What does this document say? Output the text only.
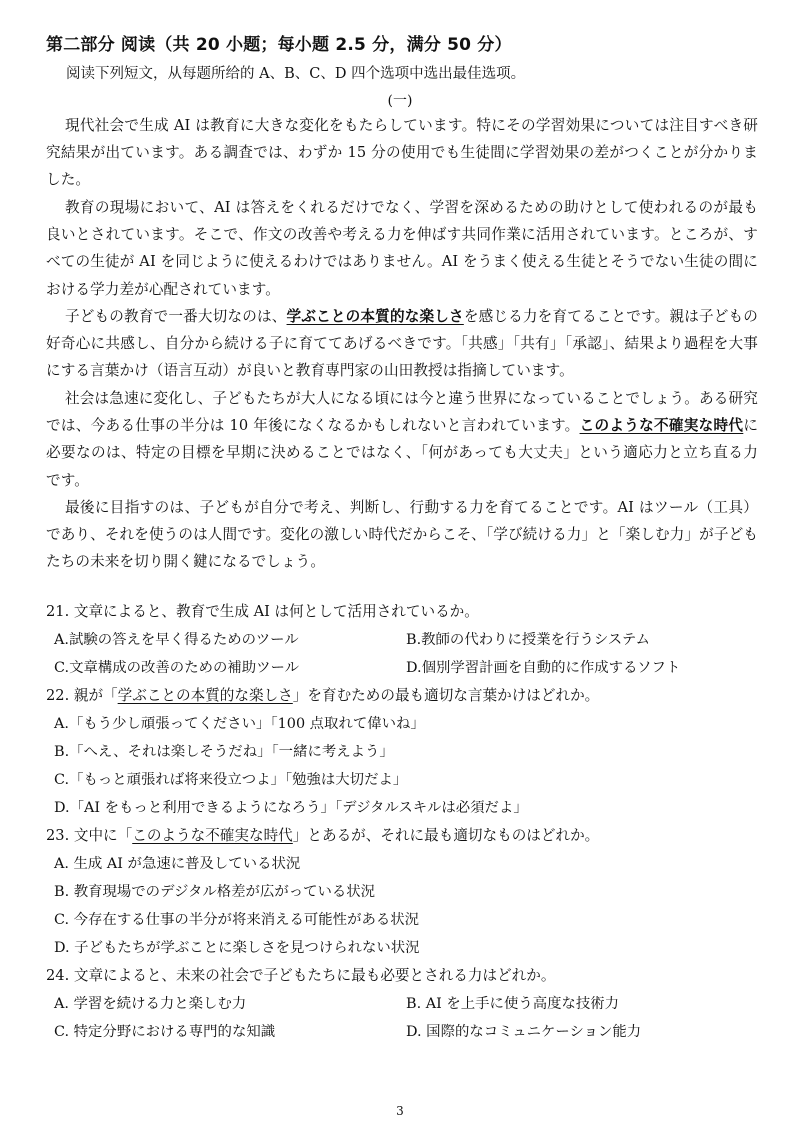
第二部分 阅读（共 20 小题；每小题 2.5 分，满分 50 分）
阅读下列短文，从每题所给的 A、B、C、D 四个选项中选出最佳选项。
(一)

現代社会で生成 AI は教育に大きな変化をもたらしています。特にその学習効果については注目すべき研究結果が出ています。ある調査では、わずか 15 分の使用でも生徒間に学習効果の差がつくことが分かりました。

教育の現場において、AI は答えをくれるだけでなく、学習を深めるための助けとして使われるのが最も良いとされています。そこで、作文の改善や考える力を伸ばす共同作業に活用されています。ところが、すべての生徒が AI を同じように使えるわけではありません。AI をうまく使える生徒とそうでない生徒の間における学力差が心配されています。

子どもの教育で一番大切なのは、学ぶことの本質的な楽しさを感じる力を育てることです。親は子どもの好奇心に共感し、自分から続ける子に育ててあげるべきです。「共感」「共有」「承認」、結果より過程を大事にする言葉かけ（语言互动）が良いと教育専門家の山田教授は指摘しています。

社会は急速に変化し、子どもたちが大人になる頃には今と違う世界になっていることでしょう。ある研究では、今ある仕事の半分は 10 年後になくなるかもしれないと言われています。このような不確実な時代に必要なのは、特定の目標を早期に決めることではなく、「何があっても大丈夫」という適応力と立ち直る力です。

最後に目指すのは、子どもが自分で考え、判断し、行動する力を育てることです。AI はツール（工具）であり、それを使うのは人間です。変化の激しい時代だからこそ、「学び続ける力」と「楽しむ力」が子どもたちの未来を切り開く鍵になるでしょう。

21. 文章によると、教育で生成 AI は何として活用されているか。
A.試験の答えを早く得るためのツール	B.教師の代わりに授業を行うシステム
C.文章構成の改善のための補助ツール	D.個別学習計画を自動的に作成するソフト
22. 親が「学ぶことの本質的な楽しさ」を育むための最も適切な言葉かけはどれか。
A.「もう少し頑張ってください」「100 点取れて偉いね」
B.「へえ、それは楽しそうだね」「一緒に考えよう」
C.「もっと頑張れば将来役立つよ」「勉強は大切だよ」
D.「AI をもっと利用できるようになろう」「デジタルスキルは必須だよ」
23. 文中に「このような不確実な時代」とあるが、それに最も適切なものはどれか。
A. 生成 AI が急速に普及している状況
B. 教育現場でのデジタル格差が広がっている状況
C. 今存在する仕事の半分が将来消える可能性がある状況
D. 子どもたちが学ぶことに楽しさを見つけられない状況
24. 文章によると、未来の社会で子どもたちに最も必要とされる力はどれか。
A. 学習を続ける力と楽しむ力	B. AI を上手に使う高度な技術力
C. 特定分野における専門的な知識	D. 国際的なコミュニケーション能力
3
